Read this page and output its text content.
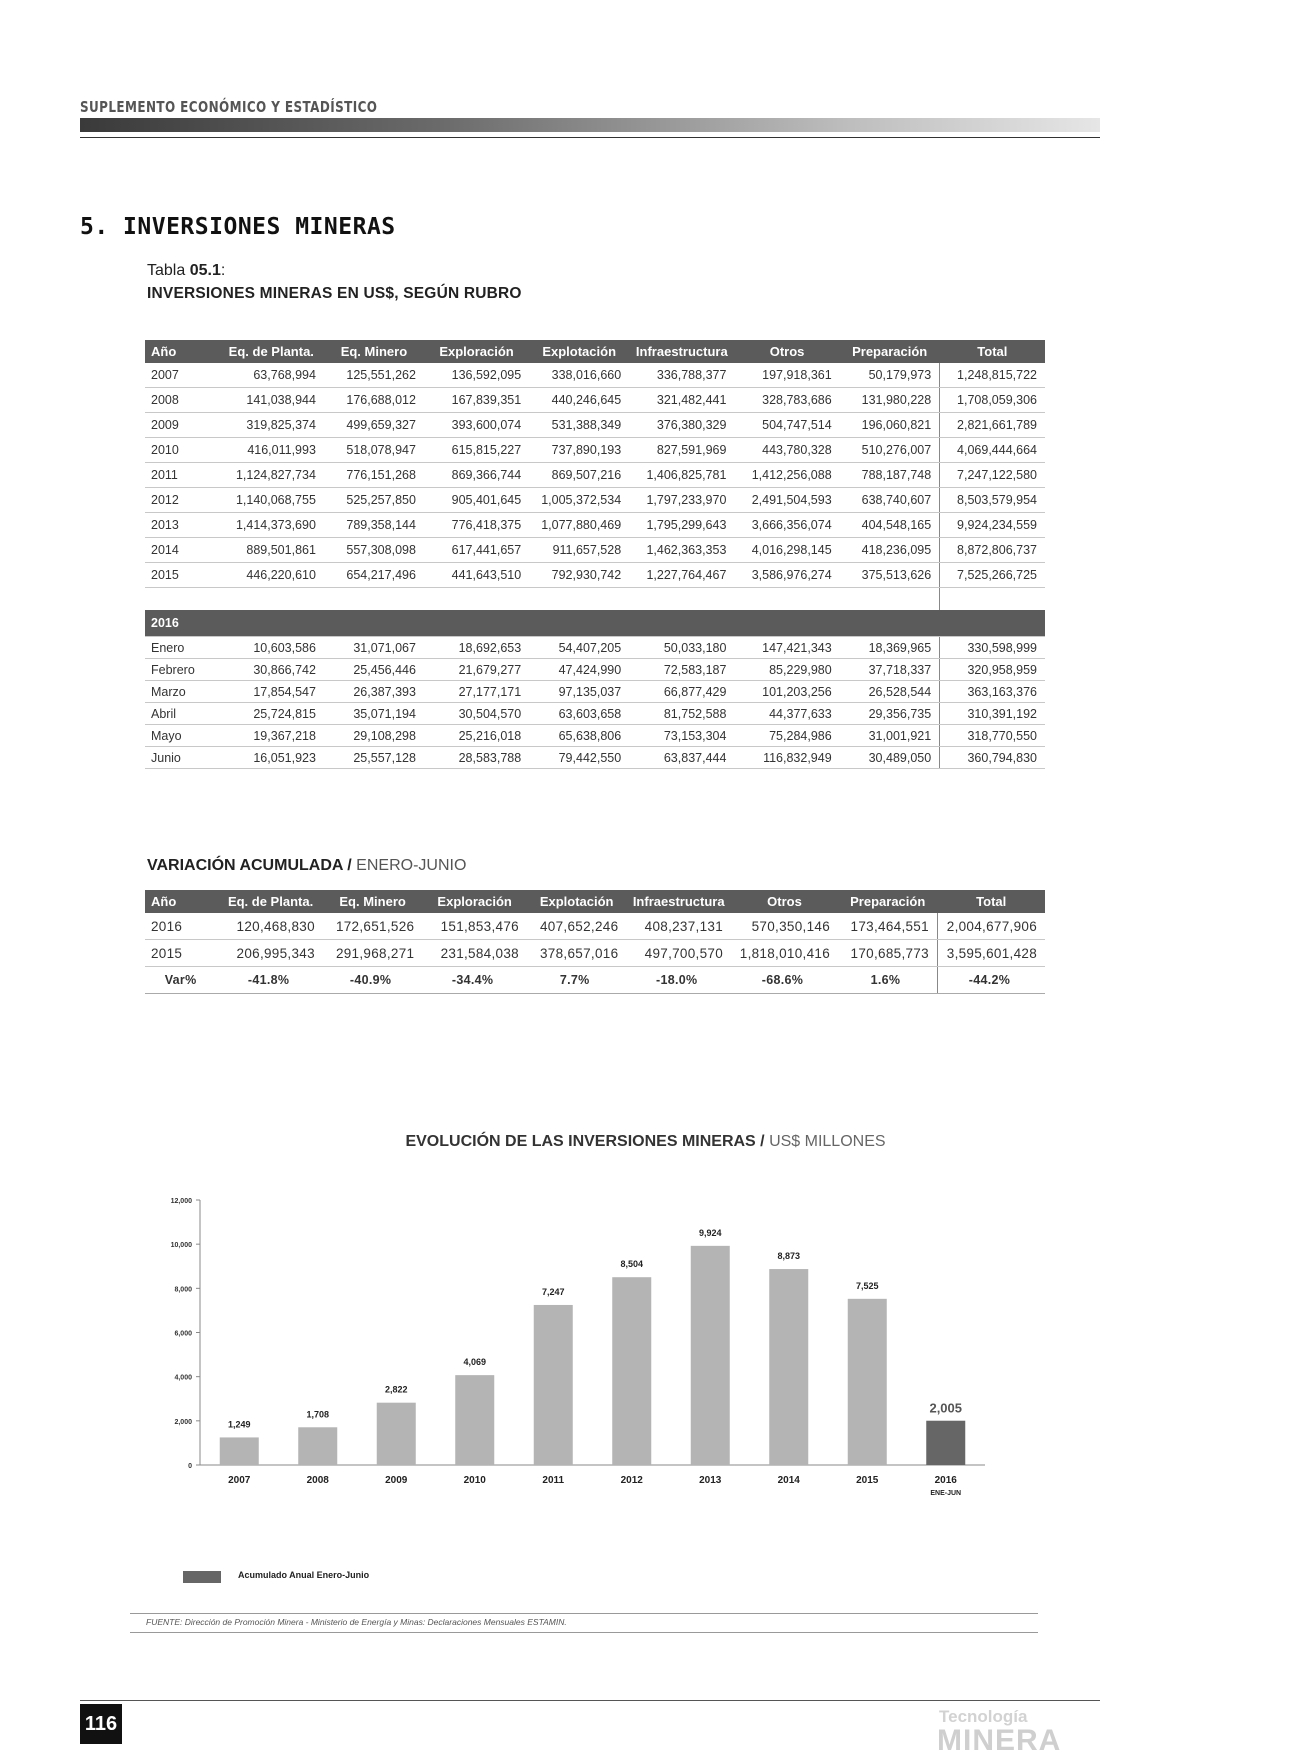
SUPLEMENTO ECONÓMICO Y ESTADÍSTICO
5. INVERSIONES MINERAS
Tabla 05.1:
INVERSIONES MINERAS EN US$, SEGÚN RUBRO
Año	Eq. de Planta.	Eq. Minero	Exploración	Explotación	Infraestructura	Otros	Preparación	Total
2007	63,768,994	125,551,262	136,592,095	338,016,660	336,788,377	197,918,361	50,179,973	1,248,815,722
2008	141,038,944	176,688,012	167,839,351	440,246,645	321,482,441	328,783,686	131,980,228	1,708,059,306
2009	319,825,374	499,659,327	393,600,074	531,388,349	376,380,329	504,747,514	196,060,821	2,821,661,789
2010	416,011,993	518,078,947	615,815,227	737,890,193	827,591,969	443,780,328	510,276,007	4,069,444,664
2011	1,124,827,734	776,151,268	869,366,744	869,507,216	1,406,825,781	1,412,256,088	788,187,748	7,247,122,580
2012	1,140,068,755	525,257,850	905,401,645	1,005,372,534	1,797,233,970	2,491,504,593	638,740,607	8,503,579,954
2013	1,414,373,690	789,358,144	776,418,375	1,077,880,469	1,795,299,643	3,666,356,074	404,548,165	9,924,234,559
2014	889,501,861	557,308,098	617,441,657	911,657,528	1,462,363,353	4,016,298,145	418,236,095	8,872,806,737
2015	446,220,610	654,217,496	441,643,510	792,930,742	1,227,764,467	3,586,976,274	375,513,626	7,525,266,725

2016								
Enero	10,603,586	31,071,067	18,692,653	54,407,205	50,033,180	147,421,343	18,369,965	330,598,999
Febrero	30,866,742	25,456,446	21,679,277	47,424,990	72,583,187	85,229,980	37,718,337	320,958,959
Marzo	17,854,547	26,387,393	27,177,171	97,135,037	66,877,429	101,203,256	26,528,544	363,163,376
Abril	25,724,815	35,071,194	30,504,570	63,603,658	81,752,588	44,377,633	29,356,735	310,391,192
Mayo	19,367,218	29,108,298	25,216,018	65,638,806	73,153,304	75,284,986	31,001,921	318,770,550
Junio	16,051,923	25,557,128	28,583,788	79,442,550	63,837,444	116,832,949	30,489,050	360,794,830
VARIACIÓN ACUMULADA / ENERO-JUNIO
Año	Eq. de Planta.	Eq. Minero	Exploración	Explotación	Infraestructura	Otros	Preparación	Total
2016	120,468,830	172,651,526	151,853,476	407,652,246	408,237,131	570,350,146	173,464,551	2,004,677,906
2015	206,995,343	291,968,271	231,584,038	378,657,016	497,700,570	1,818,010,416	170,685,773	3,595,601,428
Var%	-41.8%	-40.9%	-34.4%	7.7%	-18.0%	-68.6%	1.6%	-44.2%
EVOLUCIÓN DE LAS INVERSIONES MINERAS / US$ MILLONES
0
2,000
4,000
6,000
8,000
10,000
12,000
2007
1,249
2008
1,708
2009
2,822
2010
4,069
2011
7,247
2012
8,504
2013
9,924
2014
8,873
2015
7,525
2016
2,005
ENE-JUN
Acumulado Anual Enero-Junio
FUENTE: Dirección de Promoción Minera - Ministerio de Energía y Minas: Declaraciones Mensuales ESTAMIN.
116	Tecnología
MINERA
